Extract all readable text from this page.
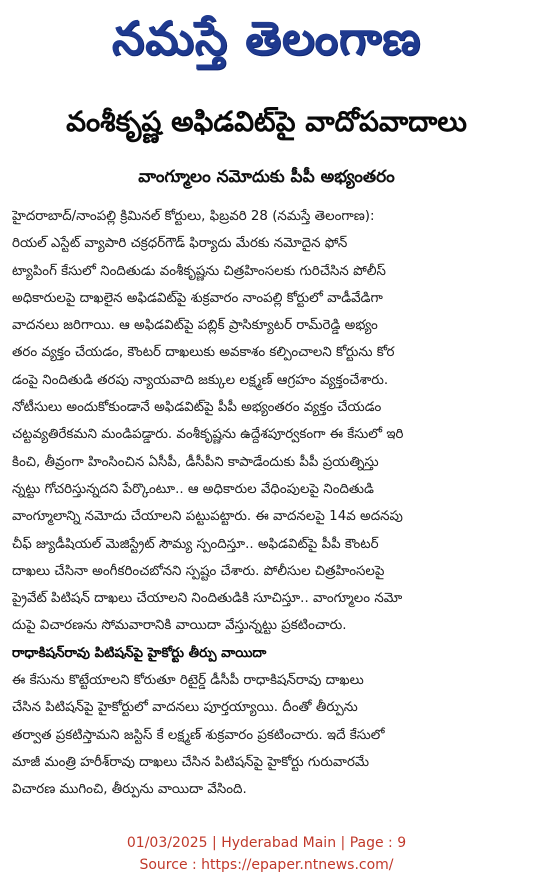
నమస్తే తెలంగాణ
వంశీకృష్ణ అఫిడవిట్‌పై వాదోపవాదాలు
వాంగ్మూలం నమోదుకు పీపీ అభ్యంతరం

హైదరాబాద్/నాంపల్లి క్రిమినల్ కోర్టులు, ఫిబ్రవరి 28 (నమస్తే తెలంగాణ):

రియల్ ఎస్టేట్ వ్యాపారి చక్రధర్‌గౌడ్ ఫిర్యాదు మేరకు నమోదైన ఫోన్

ట్యాపింగ్ కేసులో నిందితుడు వంశీకృష్ణను చిత్రహింసలకు గురిచేసిన పోలీస్

అధికారులపై దాఖలైన అఫిడవిట్‌పై శుక్రవారం నాంపల్లి కోర్టులో వాడీవేడిగా

వాదనలు జరిగాయి. ఆ అఫిడవిట్‌పై పబ్లిక్ ప్రాసిక్యూటర్ రామ్‌రెడ్డి అభ్యం

తరం వ్యక్తం చేయడం, కౌంటర్ దాఖలుకు అవకాశం కల్పించాలని కోర్టును కోర

డంపై నిందితుడి తరపు న్యాయవాది జక్కుల లక్ష్మణ్ ఆగ్రహం వ్యక్తంచేశారు.

నోటీసులు అందుకోకుండానే అఫిడవిట్‌పై పీపీ అభ్యంతరం వ్యక్తం చేయడం

చట్టవ్యతిరేకమని మండిపడ్డారు. వంశీకృష్ణను ఉద్దేశపూర్వకంగా ఈ కేసులో ఇరి

కించి, తీవ్రంగా హింసించిన ఏసీపీ, డీసీపీని కాపాడేందుకు పీపీ ప్రయత్నిస్తు

న్నట్టు గోచరిస్తున్నదని పేర్కొంటూ.. ఆ అధికారుల వేధింపులపై నిందితుడి

వాంగ్మూలాన్ని నమోదు చేయాలని పట్టుపట్టారు. ఈ వాదనలపై 14వ అదనపు

చీఫ్ జ్యుడీషియల్ మెజిస్ట్రేట్ సౌమ్య స్పందిస్తూ.. అఫిడవిట్‌పై పీపీ కౌంటర్

దాఖలు చేసినా అంగీకరించబోనని స్పష్టం చేశారు. పోలీసుల చిత్రహింసలపై

ప్రైవేట్ పిటిషన్ దాఖలు చేయాలని నిందితుడికి సూచిస్తూ.. వాంగ్మూలం నమో

దుపై విచారణను సోమవారానికి వాయిదా వేస్తున్నట్టు ప్రకటించారు.

రాధాకిషన్‌రావు పిటిషన్‌పై హైకోర్టు తీర్పు వాయిదా

ఈ కేసును కొట్టేయాలని కోరుతూ రిటైర్డ్ డీసీపీ రాధాకిషన్‌రావు దాఖలు

చేసిన పిటిషన్‌పై హైకోర్టులో వాదనలు పూర్తయ్యాయి. దీంతో తీర్పును

తర్వాత ప్రకటిస్తామని జస్టిస్ కే లక్ష్మణ్ శుక్రవారం ప్రకటించారు. ఇదే కేసులో

మాజీ మంత్రి హరీశ్‌రావు దాఖలు చేసిన పిటిషన్‌పై హైకోర్టు గురువారమే

విచారణ ముగించి, తీర్పును వాయిదా వేసింది.

01/03/2025 | Hyderabad Main | Page : 9
Source : https://epaper.ntnews.com/
